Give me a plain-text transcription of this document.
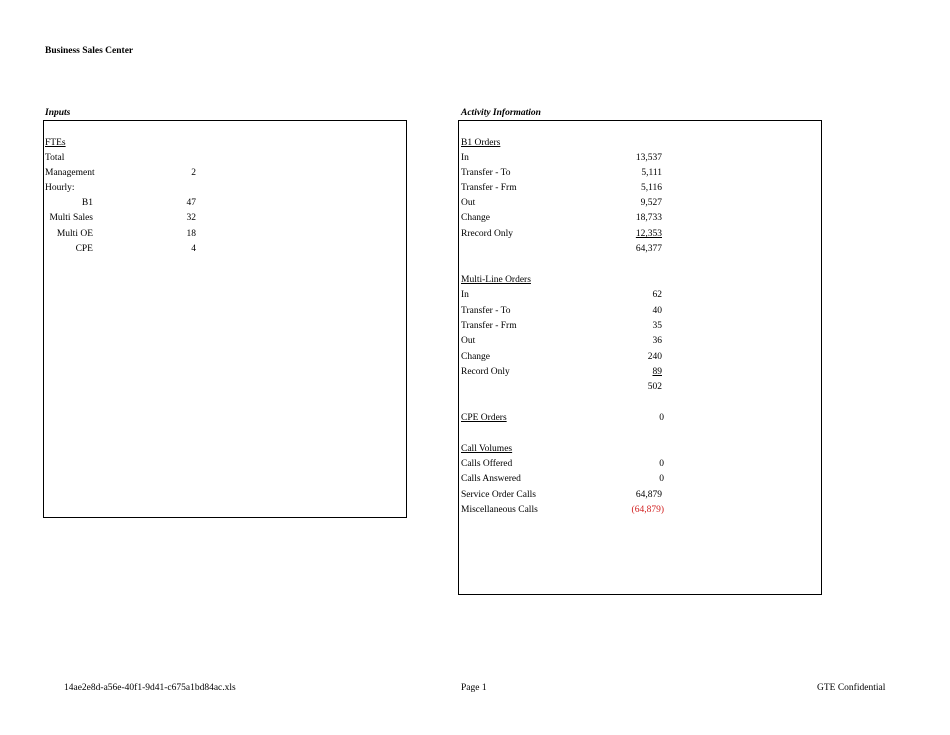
Business Sales Center
Inputs
FTEs
Total
Management	2
Hourly:
B1	47
Multi Sales	32
Multi OE	18
CPE	4
Activity Information
B1 Orders
In	13,537
Transfer - To	5,111
Transfer - Frm	5,116
Out	9,527
Change	18,733
Rrecord Only	12,353
64,377
Multi-Line Orders
In	62
Transfer - To	40
Transfer - Frm	35
Out	36
Change	240
Record Only	89
502
CPE Orders	0
Call Volumes
Calls Offered	0
Calls Answered	0
Service Order Calls	64,879
Miscellaneous Calls	(64,879)
14ae2e8d-a56e-40f1-9d41-c675a1bd84ac.xls	Page 1	GTE Confidential
